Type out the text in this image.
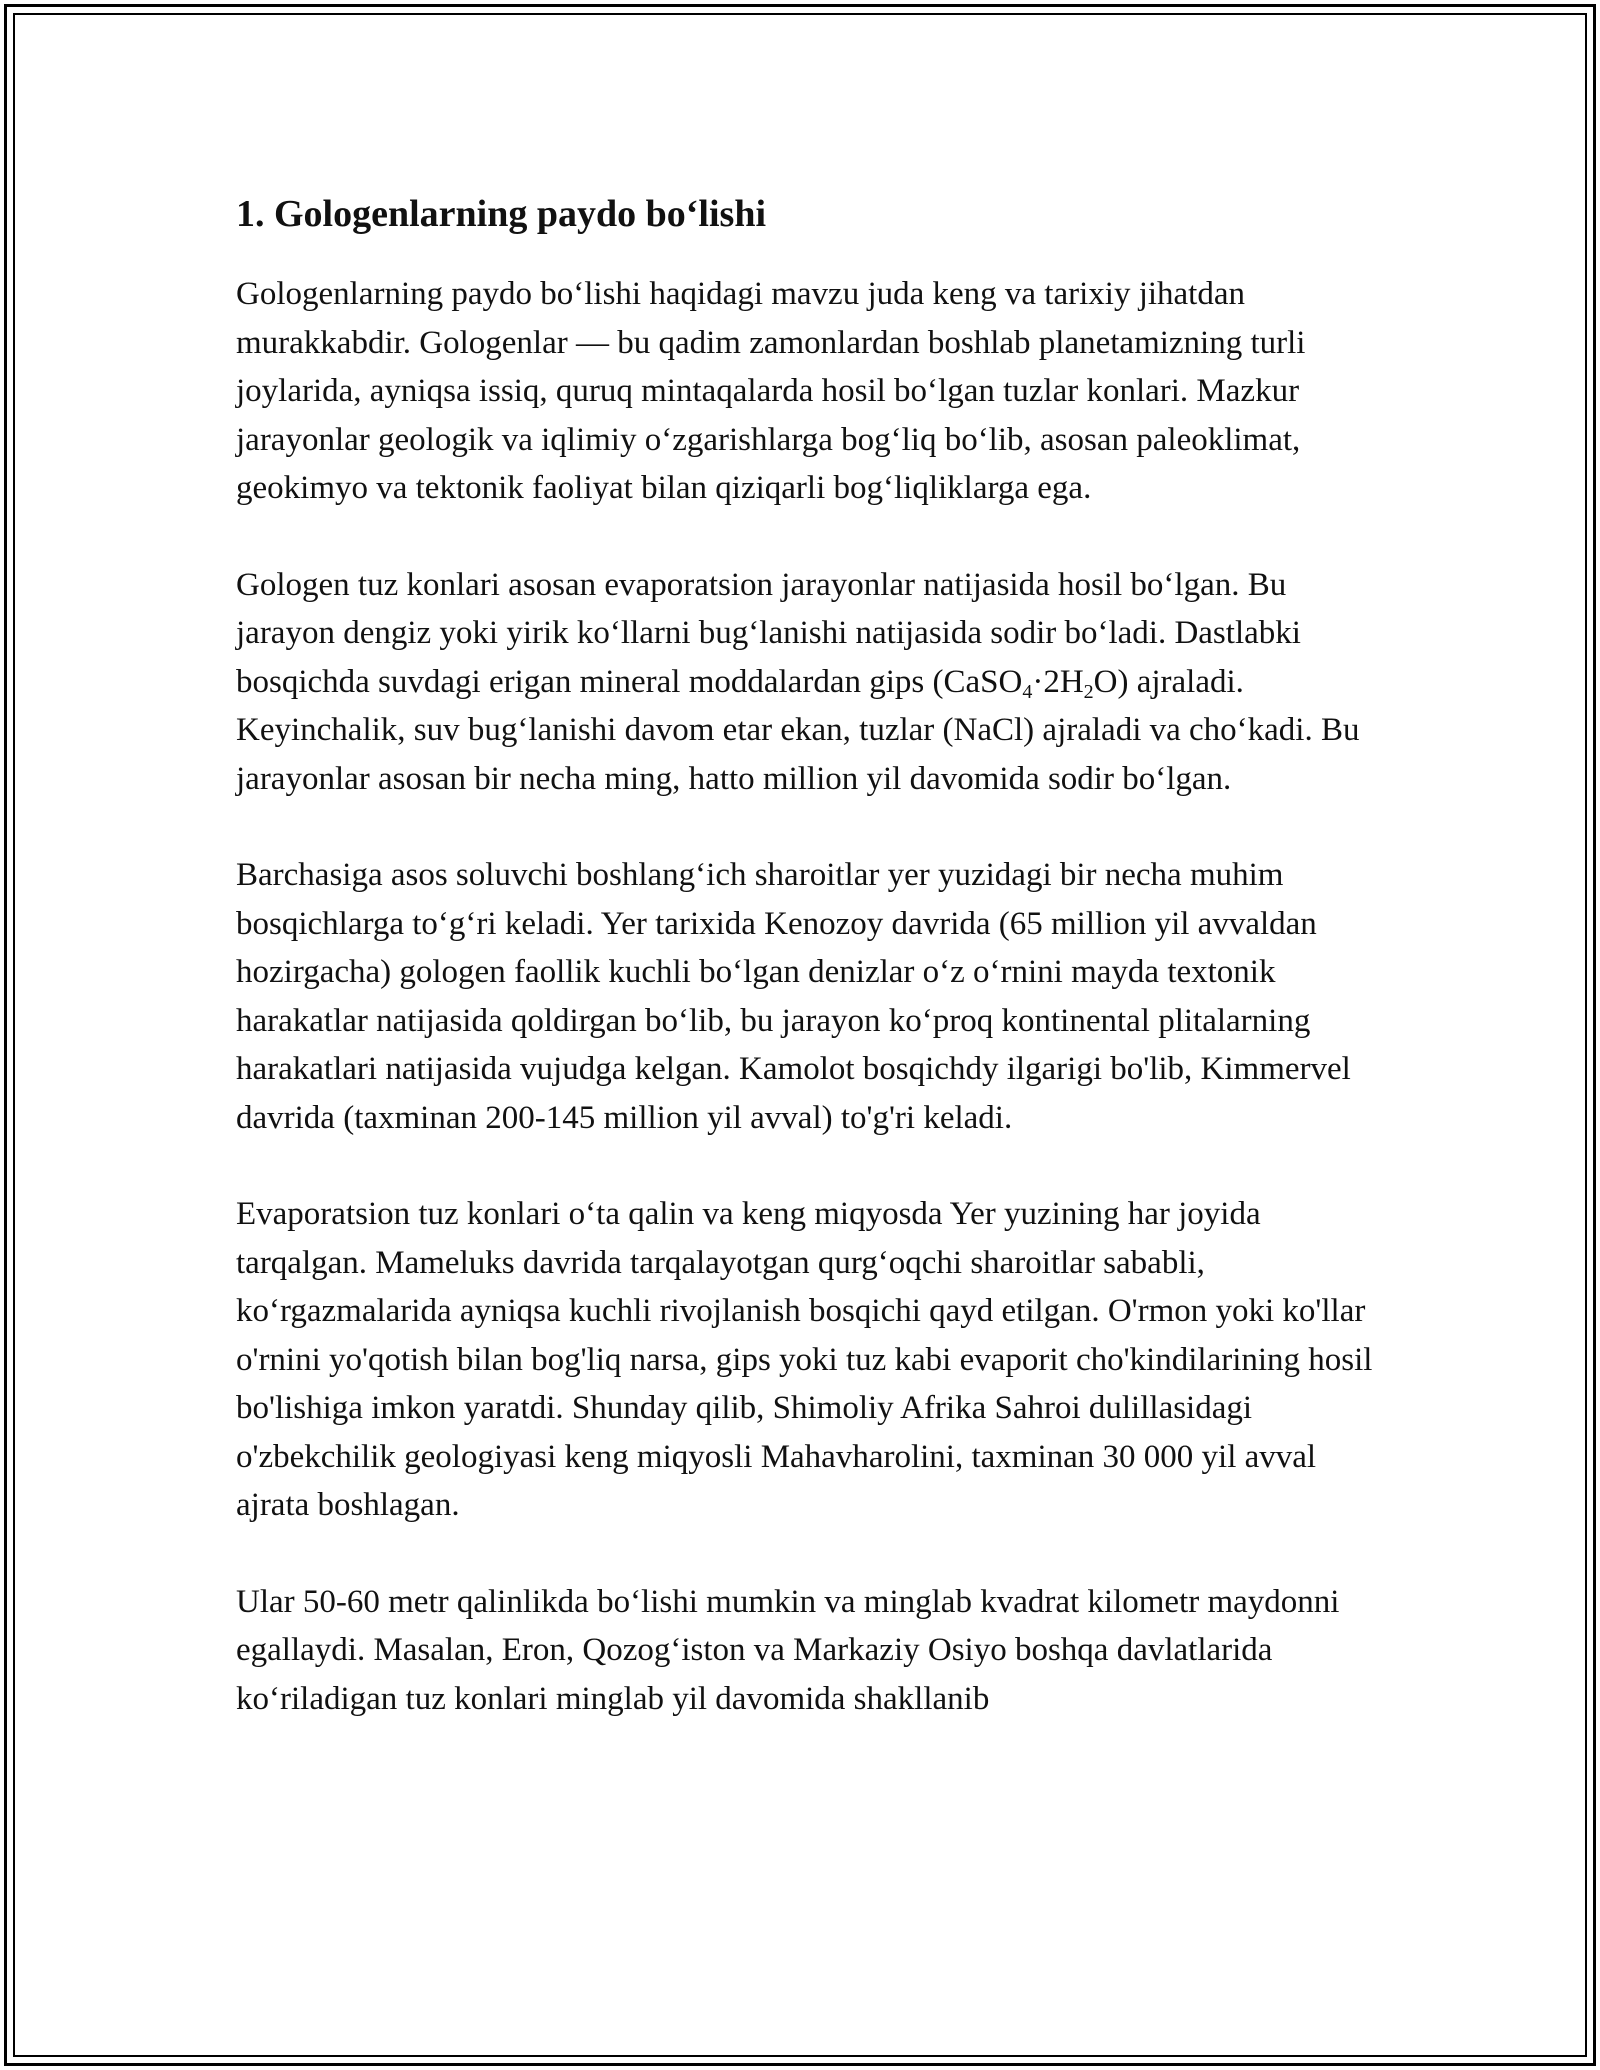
1. Gologenlarning paydo bo‘lishi

Gologenlarning paydo bo‘lishi haqidagi mavzu juda keng va tarixiy jihatdan murakkabdir. Gologenlar — bu qadim zamonlardan boshlab planetamizning turli joylarida, ayniqsa issiq, quruq mintaqalarda hosil bo‘lgan tuzlar konlari. Mazkur jarayonlar geologik va iqlimiy o‘zgarishlarga bog‘liq bo‘lib, asosan paleoklimat, geokimyo va tektonik faoliyat bilan qiziqarli bog‘liqliklarga ega.

Gologen tuz konlari asosan evaporatsion jarayonlar natijasida hosil bo‘lgan. Bu jarayon dengiz yoki yirik ko‘llarni bug‘lanishi natijasida sodir bo‘ladi. Dastlabki bosqichda suvdagi erigan mineral moddalardan gips $(CaSO_4\cdot 2H_2O)$ ajraladi. Keyinchalik, suv bug‘lanishi davom etar ekan, tuzlar (NaCl) ajraladi va cho‘kadi. Bu jarayonlar asosan bir necha ming, hatto million yil davomida sodir bo‘lgan.

Barchasiga asos soluvchi boshlang‘ich sharoitlar yer yuzidagi bir necha muhim bosqichlarga to‘g‘ri keladi. Yer tarixida Kenozoy davrida (65 million yil avvaldan hozirgacha) gologen faollik kuchli bo‘lgan denizlar o‘z o‘rnini mayda textonik harakatlar natijasida qoldirgan bo‘lib, bu jarayon ko‘proq kontinental plitalarning harakatlari natijasida vujudga kelgan. Kamolot bosqichdy ilgarigi bo'lib, Kimmervel davrida (taxminan 200-145 million yil avval) to'g'ri keladi.

Evaporatsion tuz konlari o‘ta qalin va keng miqyosda Yer yuzining har joyida tarqalgan. Mameluks davrida tarqalayotgan qurg‘oqchi sharoitlar sababli, ko‘rgazmalarida ayniqsa kuchli rivojlanish bosqichi qayd etilgan. O'rmon yoki ko'llar o'rnini yo'qotish bilan bog'liq narsa, gips yoki tuz kabi evaporit cho'kindilarining hosil bo'lishiga imkon yaratdi. Shunday qilib, Shimoliy Afrika Sahroi dulillasidagi o'zbekchilik geologiyasi keng miqyosli Mahavharolini, taxminan 30 000 yil avval ajrata boshlagan.

Ular 50-60 metr qalinlikda bo‘lishi mumkin va minglab kvadrat kilometr maydonni egallaydi. Masalan, Eron, Qozog‘iston va Markaziy Osiyo boshqa davlatlarida ko‘riladigan tuz konlari minglab yil davomida shakllanib
